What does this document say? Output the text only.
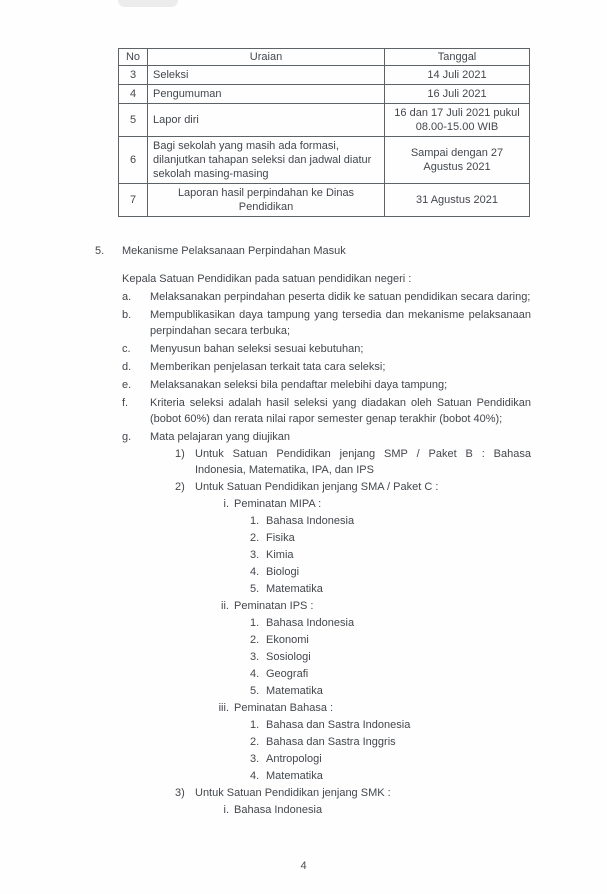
No	Uraian	Tanggal
3	Seleksi	14 Juli 2021
4	Pengumuman	16 Juli 2021
5	Lapor diri	16 dan 17 Juli 2021 pukul 08.00-15.00 WIB
6	Bagi sekolah yang masih ada formasi, dilanjutkan tahapan seleksi dan jadwal diatur sekolah masing-masing	Sampai dengan 27 Agustus 2021
7	Laporan hasil perpindahan ke Dinas Pendidikan	31 Agustus 2021
5.	Mekanisme Pelaksanaan Perpindahan Masuk

Kepala Satuan Pendidikan pada satuan pendidikan negeri :

a.	Melaksanakan perpindahan peserta didik ke satuan pendidikan secara daring;
b.	Mempublikasikan daya tampung yang tersedia dan mekanisme pelaksanaan perpindahan secara terbuka;
c.	Menyusun bahan seleksi sesuai kebutuhan;
d.	Memberikan penjelasan terkait tata cara seleksi;
e.	Melaksanakan seleksi bila pendaftar melebihi daya tampung;
f.	Kriteria seleksi adalah hasil seleksi yang diadakan oleh Satuan Pendidikan (bobot 60%) dan rerata nilai rapor semester genap terakhir (bobot 40%);
g.	Mata pelajaran yang diujikan
1) Untuk Satuan Pendidikan jenjang SMP / Paket B : Bahasa Indonesia, Matematika, IPA, dan IPS
2) Untuk Satuan Pendidikan jenjang SMA / Paket C :
i. Peminatan MIPA :
1. Bahasa Indonesia
2. Fisika
3. Kimia
4. Biologi
5. Matematika
ii. Peminatan IPS :
1. Bahasa Indonesia
2. Ekonomi
3. Sosiologi
4. Geografi
5. Matematika
iii. Peminatan Bahasa :
1. Bahasa dan Sastra Indonesia
2. Bahasa dan Sastra Inggris
3. Antropologi
4. Matematika
3) Untuk Satuan Pendidikan jenjang SMK :
i. Bahasa Indonesia
4
